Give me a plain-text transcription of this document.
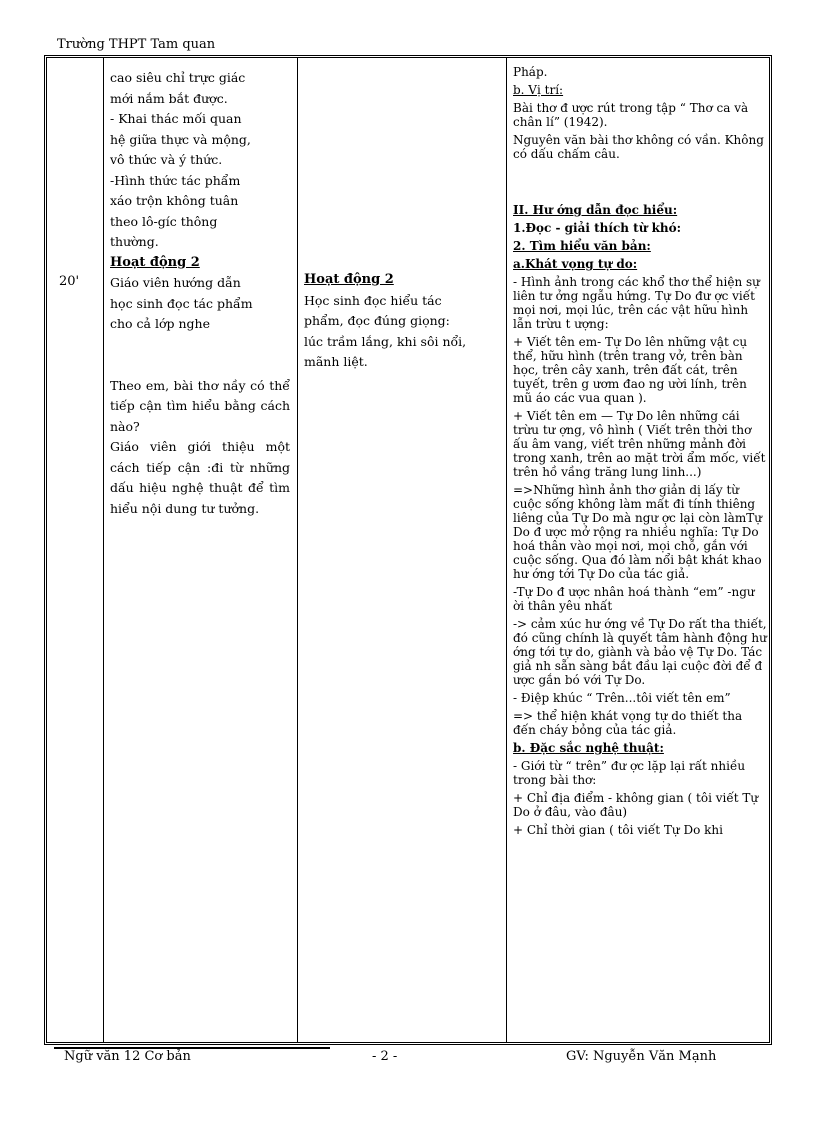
Trường THPT Tam quan
20'

cao siêu chỉ trực giác

mới nắm bắt được.

- Khai thác mối quan

hệ giữa thực và mộng,

vô thức và ý thức.

-Hình thức tác phẩm

xáo trộn không tuân

theo lô-gíc thông

thường.

Hoạt động 2

Giáo viên hướng dẫn

học sinh đọc tác phẩm

cho cả lớp nghe

Theo em, bài thơ nầy có thể tiếp cận tìm hiểu bằng cách nào?

Giáo viên giới thiệu một cách tiếp cận :đi từ những dấu hiệu nghệ thuật để tìm hiểu nội dung tư tưởng.

Hoạt động 2

Học sinh đọc hiểu tác

phẩm, đọc đúng giọng:

lúc trầm lắng, khi sôi nổi,

mãnh liệt.

Pháp.

b. Vị trí:

Bài thơ đ ược rút trong tập “ Thơ ca và chân lí” (1942).

Nguyên văn bài thơ không có vần. Không có dấu chấm câu.

II. Hư ớng dẫn đọc hiểu:

1.Đọc - giải thích từ khó:

2. Tìm hiểu văn bản:

a.Khát vọng tự do:

- Hình ảnh trong các khổ thơ thể hiện sự liên tư ởng ngẫu hứng. Tự Do đư ợc viết mọi nơi, mọi lúc, trên các vật hữu hình lẫn trừu t ượng:

+ Viết tên em- Tự Do lên những vật cụ thể, hữu hình (trên trang vở, trên bàn học, trên cây xanh, trên đất cát, trên tuyết, trên g ươm đao ng ười lính, trên mũ áo các vua quan ).

+ Viết tên em — Tự Do lên những cái trừu tư ợng, vô hình ( Viết trên thời thơ ấu âm vang, viết trên những mảnh đời trong xanh, trên ao mặt trời ẩm mốc, viết trên hồ vầng trăng lung linh...)

=>Những hình ảnh thơ giản dị lấy từ cuộc sống không làm mất đi tính thiêng liêng của Tự Do mà ngư ợc lại còn làmTự Do đ ược mở rộng ra nhiều nghĩa: Tự Do hoá thân vào mọi nơi, mọi chỗ, gắn với cuộc sống. Qua đó làm nổi bật khát khao hư ớng tới Tự Do của tác giả.

-Tự Do đ ược nhân hoá thành “em” -ngư ời thân yêu nhất

-> cảm xúc hư ớng về Tự Do rất tha thiết, đó cũng chính là quyết tâm hành động hư ớng tới tự do, giành và bảo vệ Tự Do. Tác giả nh sẵn sàng bắt đầu lại cuộc đời để đ ược gắn bó với Tự Do.

- Điệp khúc “ Trên...tôi viết tên em”

=> thể hiện khát vọng tự do thiết tha đến cháy bỏng của tác giả.

b. Đặc sắc nghệ thuật:

- Giới từ “ trên” đư ợc lặp lại rất nhiều trong bài thơ:

+ Chỉ địa điểm - không gian ( tôi viết Tự Do ở đâu, vào đâu)

+ Chỉ thời gian ( tôi viết Tự Do khi

Ngữ văn 12 Cơ bản	- 2 -	GV: Nguyễn Văn Mạnh
